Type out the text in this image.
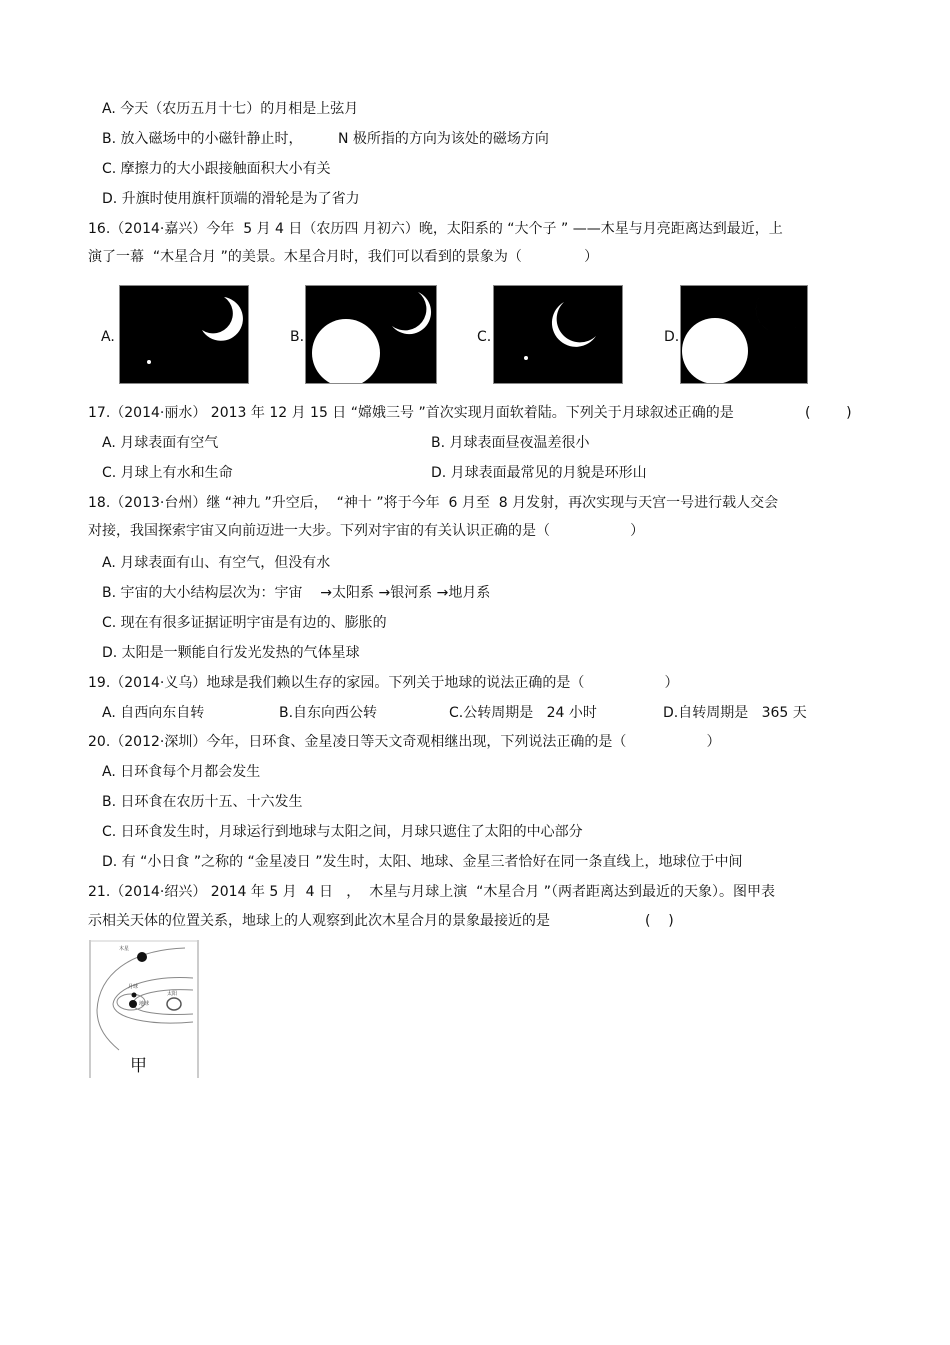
A. 今天（农历五月十七）的月相是上弦月
B. 放入磁场中的小磁针静止时，	N 极所指的方向为该处的磁场方向
C. 摩擦力的大小跟接触面积大小有关
D. 升旗时使用旗杆顶端的滑轮是为了省力
16.（2014·嘉兴）今年  5 月 4 日（农历四 月初六）晚，太阳系的 “大个子 ” ——木星与月亮距离达到最近，上
演了一幕  “木星合月 ”的美景。木星合月时，我们可以看到的景象为（              ）
A.	B.	C.	D.
17.（2014·丽水） 2013 年 12 月 15 日 “嫦娥三号 ”首次实现月面软着陆。下列关于月球叙述正确的是	(        )
A. 月球表面有空气	B. 月球表面昼夜温差很小
C. 月球上有水和生命	D. 月球表面最常见的月貌是环形山
18.（2013·台州）继 “神九 ”升空后，  “神十 ”将于今年  6 月至  8 月发射，再次实现与天宫一号进行载人交会
对接，我国探索宇宙又向前迈进一大步。下列对宇宙的有关认识正确的是（                  ）
A. 月球表面有山、有空气，但没有水
B. 宇宙的大小结构层次为：宇宙    →太阳系 →银河系 →地月系
C. 现在有很多证据证明宇宙是有边的、膨胀的
D. 太阳是一颗能自行发光发热的气体星球
19.（2014·义乌）地球是我们赖以生存的家园。下列关于地球的说法正确的是（                  ）
A. 自西向东自转	B.自东向西公转	C.公转周期是   24 小时	D.自转周期是   365 天
20.（2012·深圳）今年，日环食、金星凌日等天文奇观相继出现，下列说法正确的是（                  ）
A. 日环食每个月都会发生
B. 日环食在农历十五、十六发生
C. 日环食发生时，月球运行到地球与太阳之间，月球只遮住了太阳的中心部分
D. 有 “小日食 ”之称的 “金星凌日 ”发生时，太阳、地球、金星三者恰好在同一条直线上，地球位于中间
21.（2014·绍兴） 2014 年 5 月  4 日   ，  木星与月球上演  “木星合月 ”（两者距离达到最近的天象）。图甲表
示相关天体的位置关系，地球上的人观察到此次木星合月的景象最接近的是	(    )
木星
月球
地球
太阳
甲
